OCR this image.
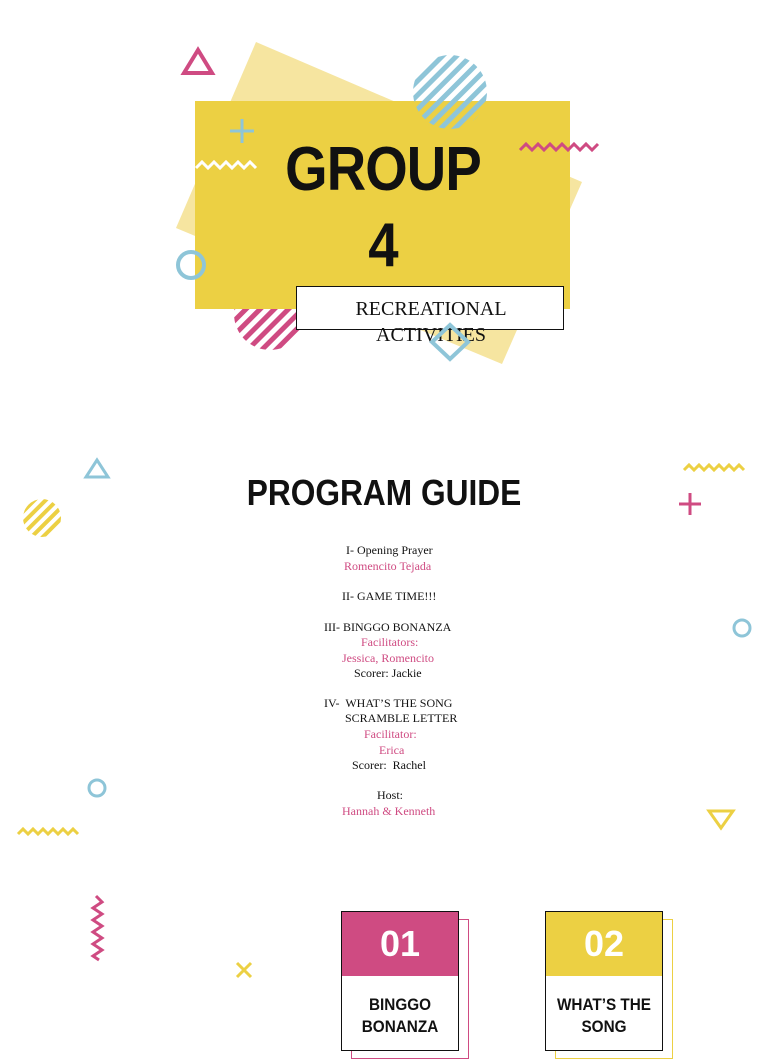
GROUP
4
RECREATIONAL
ACTIVITIES
PROGRAM GUIDE
I- Opening Prayer
Romencito Tejada
II- GAME TIME!!!
III- BINGGO BONANZA
Facilitators:
Jessica, Romencito
Scorer: Jackie
IV-  WHAT’S THE SONG
SCRAMBLE LETTER
Facilitator:
Erica
Scorer:  Rachel
Host:
Hannah & Kenneth
01
BINGGO
BONANZA
02
WHAT’S THE
SONG
